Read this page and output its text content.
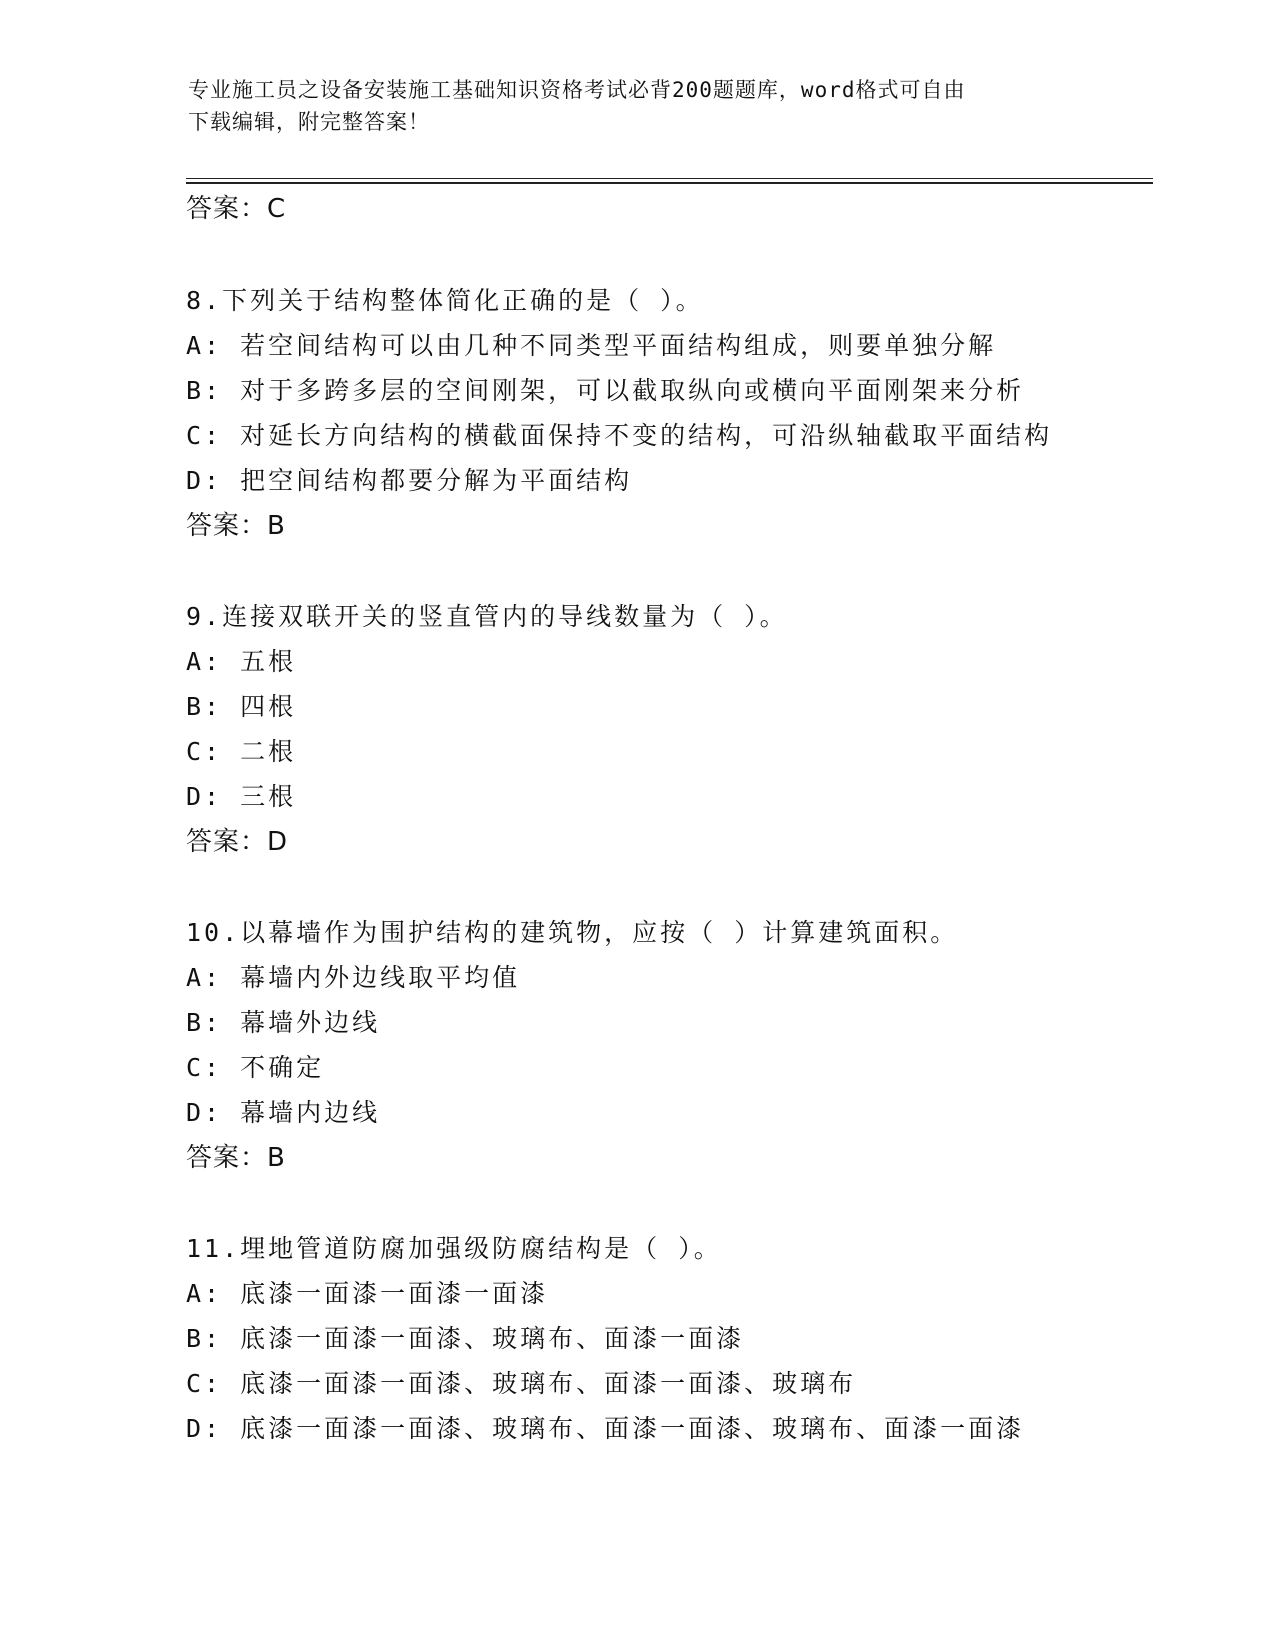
专业施工员之设备安装施工基础知识资格考试必背200题题库，word格式可自由
下载编辑，附完整答案！
答案：C
8.下列关于结构整体简化正确的是（ ）。
A: 若空间结构可以由几种不同类型平面结构组成，则要单独分解
B: 对于多跨多层的空间刚架，可以截取纵向或横向平面刚架来分析
C: 对延长方向结构的横截面保持不变的结构，可沿纵轴截取平面结构
D: 把空间结构都要分解为平面结构
答案：B
9.连接双联开关的竖直管内的导线数量为（ ）。
A: 五根
B: 四根
C: 二根
D: 三根
答案：D
10.以幕墙作为围护结构的建筑物，应按（ ）计算建筑面积。
A: 幕墙内外边线取平均值
B: 幕墙外边线
C: 不确定
D: 幕墙内边线
答案：B
11.埋地管道防腐加强级防腐结构是（ ）。
A: 底漆一面漆一面漆一面漆
B: 底漆一面漆一面漆、玻璃布、面漆一面漆
C: 底漆一面漆一面漆、玻璃布、面漆一面漆、玻璃布
D: 底漆一面漆一面漆、玻璃布、面漆一面漆、玻璃布、面漆一面漆
